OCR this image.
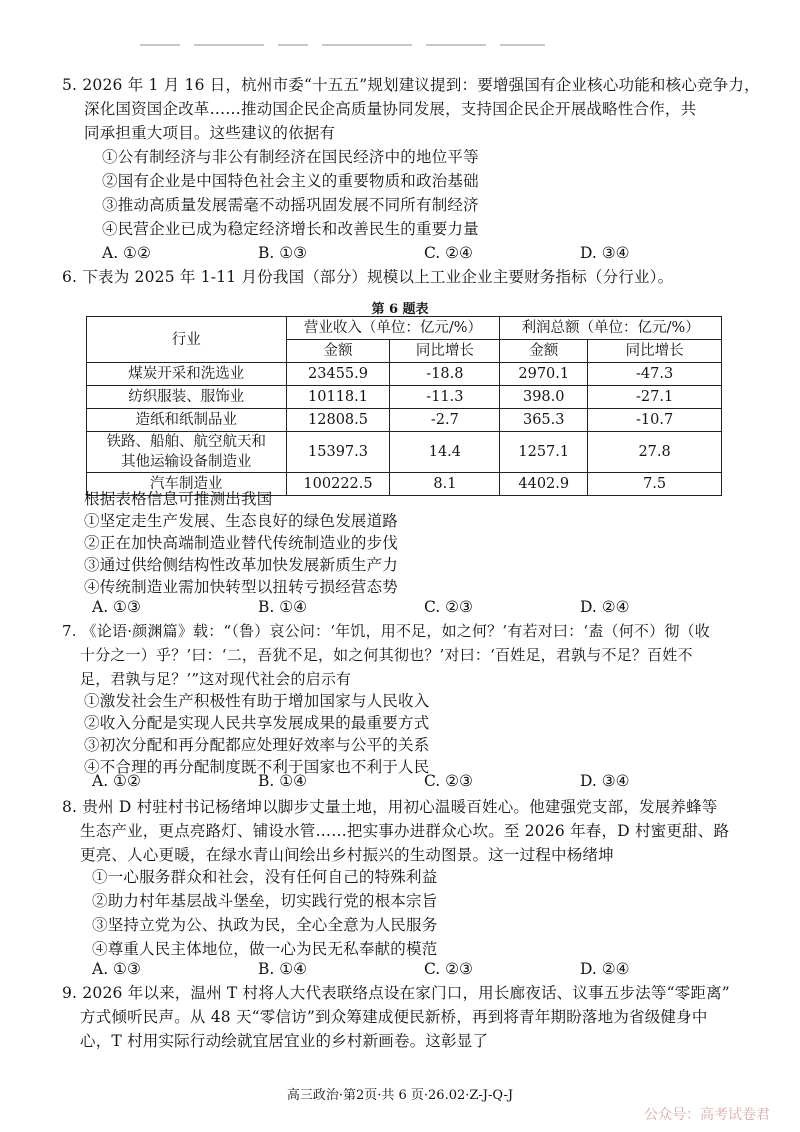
5. 2026 年 1 月 16 日，杭州市委“十五五”规划建议提到：要增强国有企业核心功能和核心竞争力，
深化国资国企改革……推动国企民企高质量协同发展，支持国企民企开展战略性合作，共
同承担重大项目。这些建议的依据有
①公有制经济与非公有制经济在国民经济中的地位平等
②国有企业是中国特色社会主义的重要物质和政治基础
③推动高质量发展需毫不动摇巩固发展不同所有制经济
④民营企业已成为稳定经济增长和改善民生的重要力量
A. ①②	B. ①③	C. ②④	D. ③④
6. 下表为 2025 年 1-11 月份我国（部分）规模以上工业企业主要财务指标（分行业）。
第 6 题表
行业	营业收入（单位：亿元/%）		利润总额（单位：亿元/%）	
	金额	同比增长	金额	同比增长
煤炭开采和洗选业	23455.9	-18.8	2970.1	-47.3
纺织服装、服饰业	10118.1	-11.3	398.0	-27.1
造纸和纸制品业	12808.5	-2.7	365.3	-10.7

铁路、船舶、航空航天和
其他运输设备制造业	15397.3	14.4	1257.1	27.8
汽车制造业	100222.5	8.1	4402.9	7.5
根据表格信息可推测出我国
①坚定走生产发展、生态良好的绿色发展道路
②正在加快高端制造业替代传统制造业的步伐
③通过供给侧结构性改革加快发展新质生产力
④传统制造业需加快转型以扭转亏损经营态势
A. ①③	B. ①④	C. ②③	D. ②④
7. 《论语·颜渊篇》载：“（鲁）哀公问：‘年饥，用不足，如之何？’有若对曰：‘盍（何不）彻（收
十分之一）乎？’曰：‘二，吾犹不足，如之何其彻也？’对曰：‘百姓足，君孰与不足？百姓不
足，君孰与足？’”这对现代社会的启示有
①激发社会生产积极性有助于增加国家与人民收入
②收入分配是实现人民共享发展成果的最重要方式
③初次分配和再分配都应处理好效率与公平的关系
④不合理的再分配制度既不利于国家也不利于人民
A. ①②	B. ①④	C. ②③	D. ③④
8. 贵州 D 村驻村书记杨绪坤以脚步丈量土地，用初心温暖百姓心。他建强党支部，发展养蜂等
生态产业，更点亮路灯、铺设水管……把实事办进群众心坎。至 2026 年春，D 村蜜更甜、路
更亮、人心更暖，在绿水青山间绘出乡村振兴的生动图景。这一过程中杨绪坤
①一心服务群众和社会，没有任何自己的特殊利益
②助力村年基层战斗堡垒，切实践行党的根本宗旨
③坚持立党为公、执政为民，全心全意为人民服务
④尊重人民主体地位，做一心为民无私奉献的模范
A. ①③	B. ①④	C. ②③	D. ②④
9. 2026 年以来，温州 T 村将人大代表联络点设在家门口，用长廊夜话、议事五步法等“零距离”
方式倾听民声。从 48 天“零信访”到众筹建成便民新桥，再到将青年期盼落地为省级健身中
心，T 村用实际行动绘就宜居宜业的乡村新画卷。这彰显了
高三政治·第2页·共 6 页·26.02·Z-J-Q-J
公众号：高考试卷君
